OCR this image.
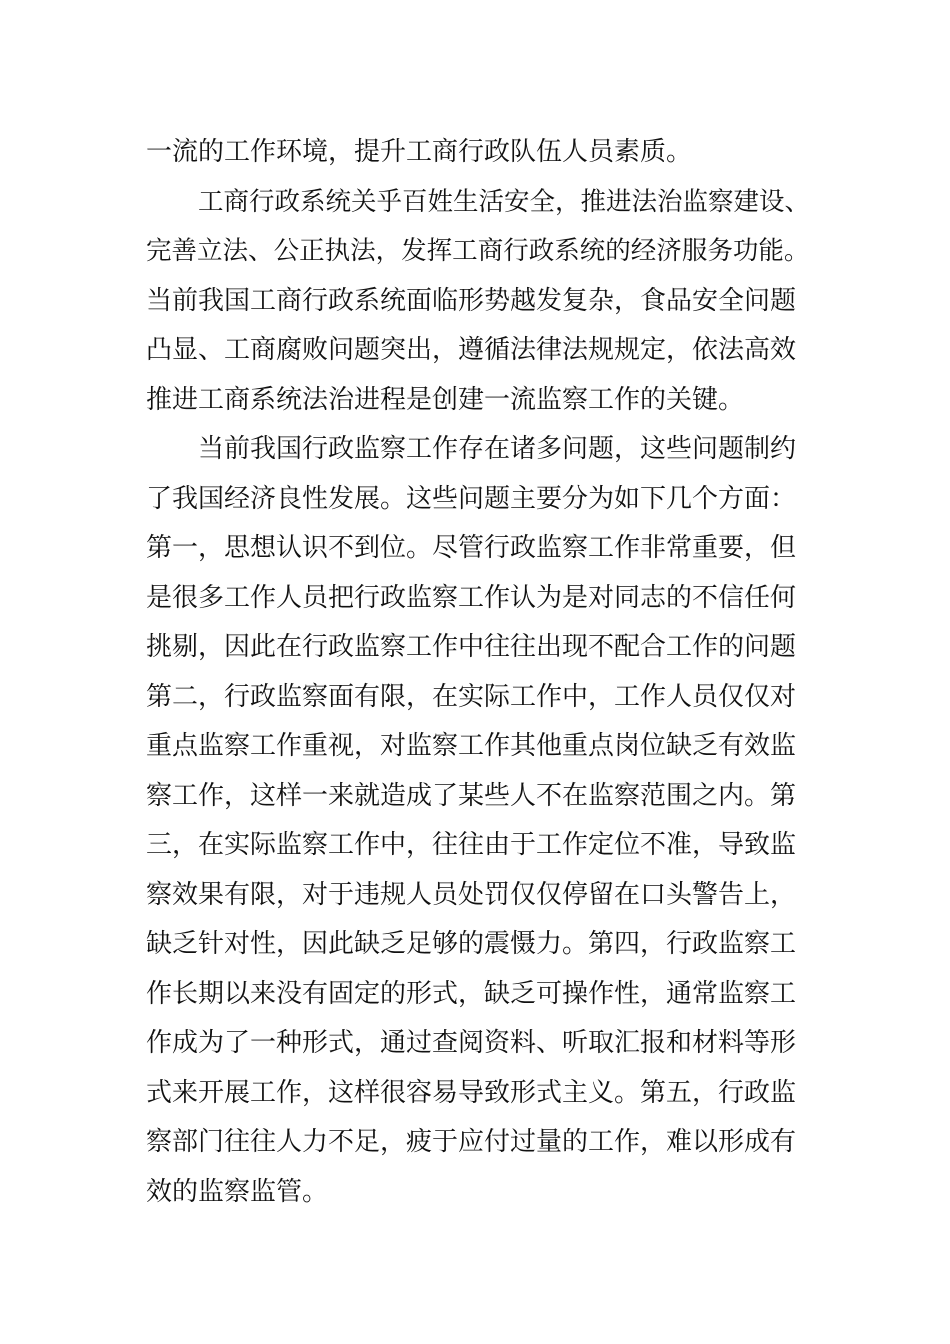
一流的工作环境，提升工商行政队伍人员素质。
工商行政系统关乎百姓生活安全，推进法治监察建设、
完善立法、公正执法，发挥工商行政系统的经济服务功能。
当前我国工商行政系统面临形势越发复杂，食品安全问题
凸显、工商腐败问题突出，遵循法律法规规定，依法高效
推进工商系统法治进程是创建一流监察工作的关键。
当前我国行政监察工作存在诸多问题，这些问题制约
了我国经济良性发展。这些问题主要分为如下几个方面：
第一，思想认识不到位。尽管行政监察工作非常重要，但
是很多工作人员把行政监察工作认为是对同志的不信任何
挑剔，因此在行政监察工作中往往出现不配合工作的问题
第二，行政监察面有限，在实际工作中，工作人员仅仅对
重点监察工作重视，对监察工作其他重点岗位缺乏有效监
察工作，这样一来就造成了某些人不在监察范围之内。第
三，在实际监察工作中，往往由于工作定位不准，导致监
察效果有限，对于违规人员处罚仅仅停留在口头警告上，
缺乏针对性，因此缺乏足够的震慑力。第四，行政监察工
作长期以来没有固定的形式，缺乏可操作性，通常监察工
作成为了一种形式，通过查阅资料、听取汇报和材料等形
式来开展工作，这样很容易导致形式主义。第五，行政监
察部门往往人力不足，疲于应付过量的工作，难以形成有
效的监察监管。
